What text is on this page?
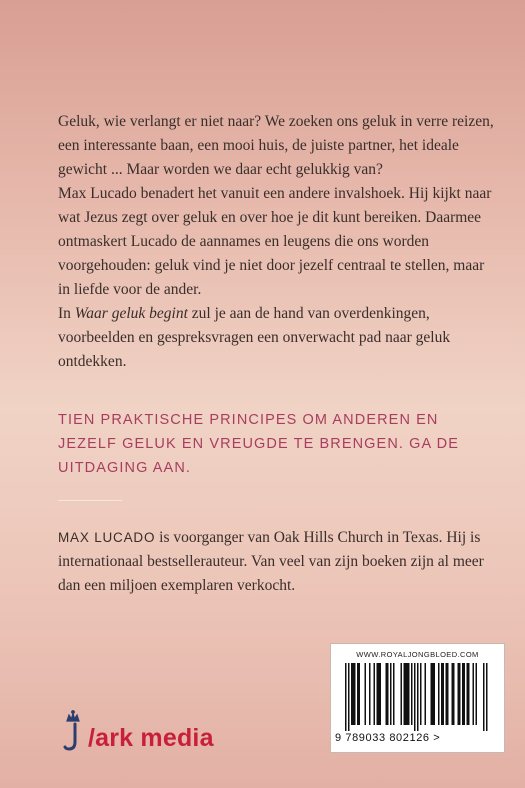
Geluk, wie verlangt er niet naar? We zoeken ons geluk in verre reizen, een interessante baan, een mooi huis, de juiste partner, het ideale gewicht ... Maar worden we daar echt gelukkig van?

Max Lucado benadert het vanuit een andere invalshoek. Hij kijkt naar wat Jezus zegt over geluk en over hoe je dit kunt bereiken. Daarmee ontmaskert Lucado de aannames en leugens die ons worden voorgehouden: geluk vind je niet door jezelf centraal te stellen, maar in liefde voor de ander.

In Waar geluk begint zul je aan de hand van overdenkingen, voorbeelden en gespreksvragen een onverwacht pad naar geluk ontdekken.

TIEN PRAKTISCHE PRINCIPES OM ANDEREN EN JEZELF GELUK EN VREUGDE TE BRENGEN. GA DE UITDAGING AAN.

MAX LUCADO is voorganger van Oak Hills Church in Texas. Hij is internationaal bestsellerauteur. Van veel van zijn boeken zijn al meer dan een miljoen exemplaren verkocht.

WWW.ROYALJONGBLOED.COM
9 789033 802126 >
/ark media
